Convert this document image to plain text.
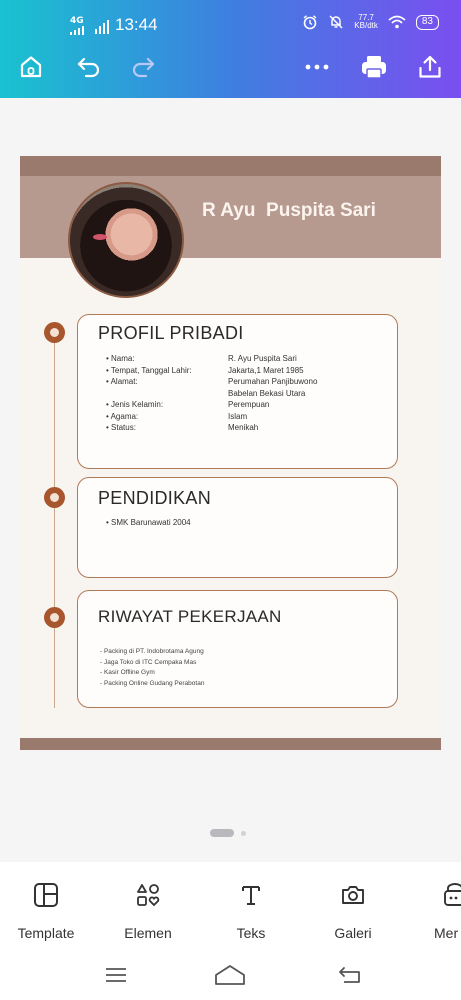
4G 13:44	77.7
KB/dtk	83
R Ayu  Puspita Sari
PROFIL PRIBADI
• Nama:	R. Ayu Puspita Sari
• Tempat, Tanggal Lahir:	Jakarta,1 Maret 1985
• Alamat:	Perumahan Panjibuwono
Babelan Bekasi Utara
• Jenis Kelamin:	Perempuan
• Agama:	Islam
• Status:	Menikah
PENDIDIKAN
• SMK Barunawati 2004
RIWAYAT PEKERJAAN
- Packing di PT. Indobrotama Agung
- Jaga Toko di ITC Cempaka Mas
- Kasir Offline Gym
- Packing Online Gudang Perabotan
Template	Elemen	Teks	Galeri	Mer
